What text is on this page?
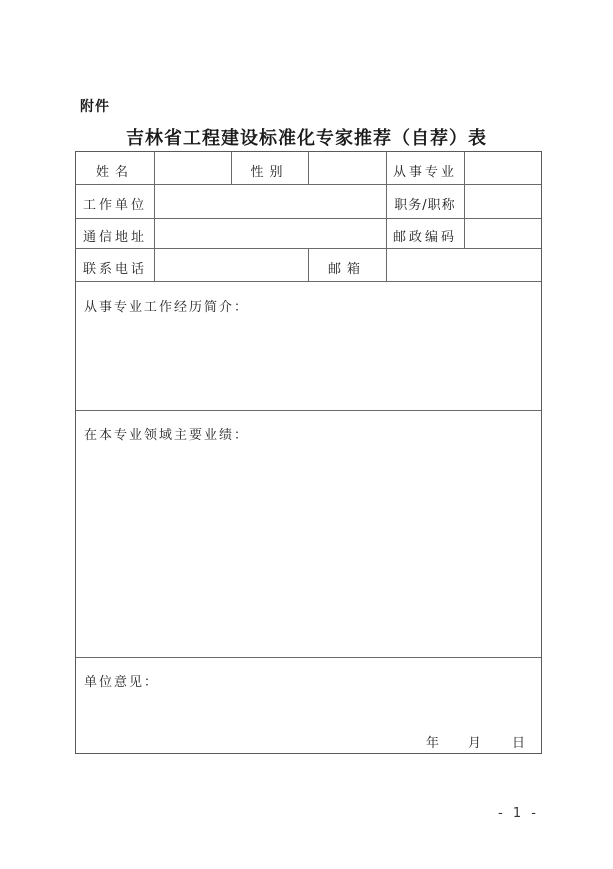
附件
吉林省工程建设标准化专家推荐（自荐）表
姓名	性别	从事专业
工作单位	职务/职称
通信地址	邮政编码
联系电话	邮箱
从事专业工作经历简介：
在本专业领域主要业绩：
单位意见：
年 月 日
- 1 -
